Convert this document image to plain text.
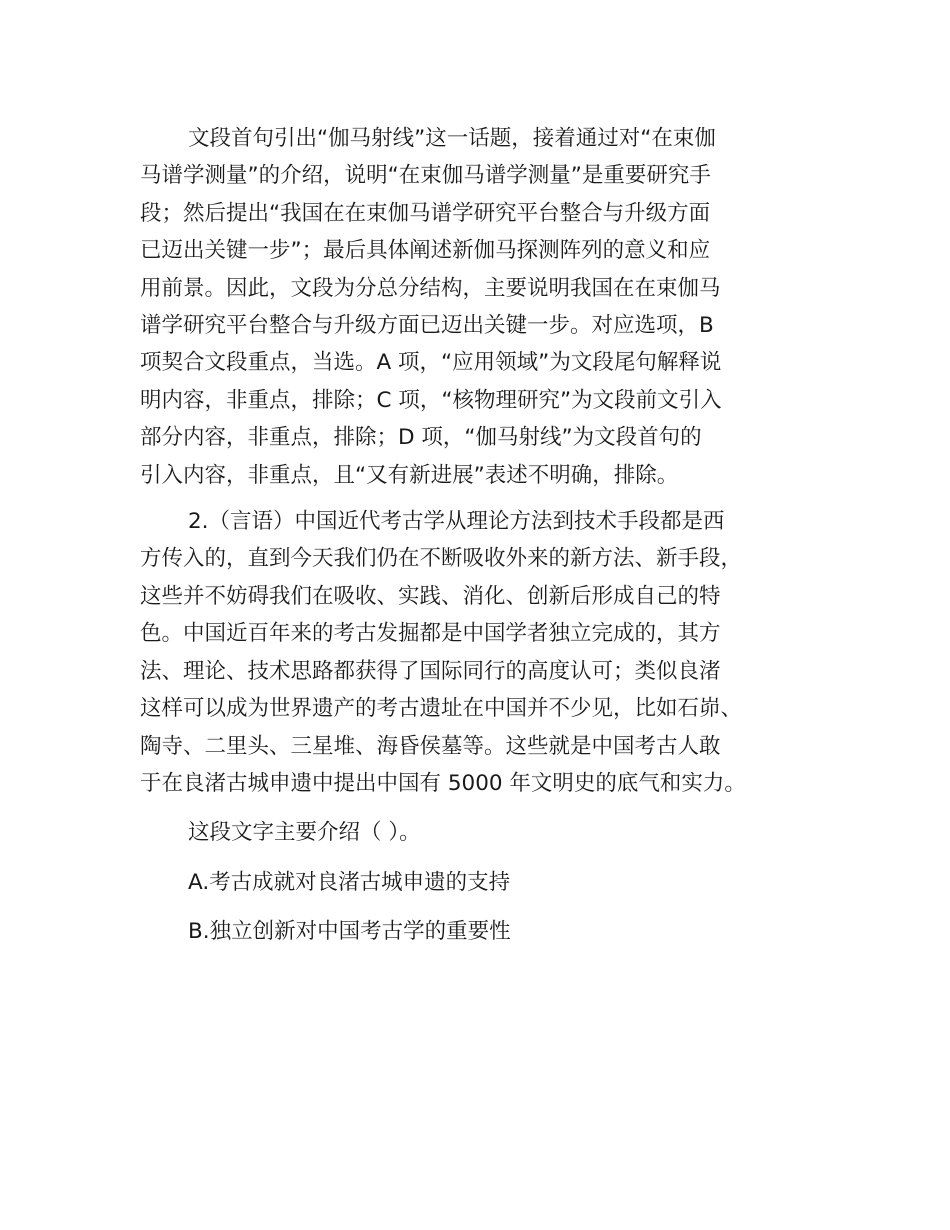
文段首句引出“伽马射线”这一话题，接着通过对“在束伽
马谱学测量”的介绍，说明“在束伽马谱学测量”是重要研究手
段；然后提出“我国在在束伽马谱学研究平台整合与升级方面
已迈出关键一步”；最后具体阐述新伽马探测阵列的意义和应
用前景。因此，文段为分总分结构，主要说明我国在在束伽马
谱学研究平台整合与升级方面已迈出关键一步。对应选项，B
项契合文段重点，当选。A 项，“应用领域”为文段尾句解释说
明内容，非重点，排除；C 项，“核物理研究”为文段前文引入
部分内容，非重点，排除；D 项，“伽马射线”为文段首句的
引入内容，非重点，且“又有新进展”表述不明确，排除。
2.（言语）中国近代考古学从理论方法到技术手段都是西
方传入的，直到今天我们仍在不断吸收外来的新方法、新手段，
这些并不妨碍我们在吸收、实践、消化、创新后形成自己的特
色。中国近百年来的考古发掘都是中国学者独立完成的，其方
法、理论、技术思路都获得了国际同行的高度认可；类似良渚
这样可以成为世界遗产的考古遗址在中国并不少见，比如石峁、
陶寺、二里头、三星堆、海昏侯墓等。这些就是中国考古人敢
于在良渚古城申遗中提出中国有 5000 年文明史的底气和实力。
这段文字主要介绍（ ）。
A.考古成就对良渚古城申遗的支持
B.独立创新对中国考古学的重要性
